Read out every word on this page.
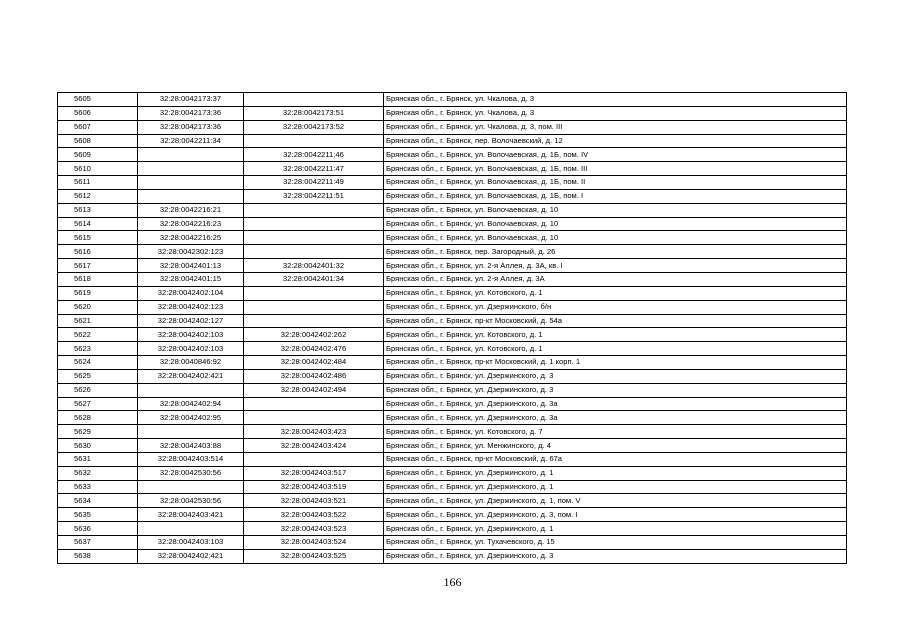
5605	32:28:0042173:37		Брянская обл., г. Брянск, ул. Чкалова, д. 3
5606	32:28:0042173:36	32:28:0042173:51	Брянская обл., г. Брянск, ул. Чкалова, д. 3
5607	32:28:0042173:36	32:28:0042173:52	Брянская обл., г. Брянск, ул. Чкалова, д. 3, пом. III
5608	32:28:0042211:34		Брянская обл., г. Брянск, пер. Волочаевский, д. 12
5609		32:28:0042211:46	Брянская обл., г. Брянск, ул. Волочаевская, д. 1Б, пом. IV
5610		32:28:0042211:47	Брянская обл., г. Брянск, ул. Волочаевская, д. 1Б, пом. III
5611		32:28:0042211:49	Брянская обл., г. Брянск, ул. Волочаевская, д. 1Б, пом. II
5612		32:28:0042211:51	Брянская обл., г. Брянск, ул. Волочаевская, д. 1Б, пом. I
5613	32:28:0042216:21		Брянская обл., г. Брянск, ул. Волочаевская, д. 10
5614	32:28:0042216:23		Брянская обл., г. Брянск, ул. Волочаевская, д. 10
5615	32:28:0042216:25		Брянская обл., г. Брянск, ул. Волочаевская, д. 10
5616	32:28:0042302:123		Брянская обл., г. Брянск, пер. Загородный, д. 26
5617	32:28:0042401:13	32:28:0042401:32	Брянская обл., г. Брянск, ул. 2-я Аллея, д. 3А, кв. I
5618	32:28:0042401:15	32:28:0042401:34	Брянская обл., г. Брянск, ул. 2-я Аллея, д. 3А
5619	32:28:0042402:104		Брянская обл., г. Брянск, ул. Котовского, д. 1
5620	32:28:0042402:123		Брянская обл., г. Брянск, ул. Дзержинского, б/н
5621	32:28:0042402:127		Брянская обл., г. Брянск, пр-кт Московский, д. 54а
5622	32:28:0042402:103	32:28:0042402:262	Брянская обл., г. Брянск, ул. Котовского, д. 1
5623	32:28:0042402:103	32:28:0042402:476	Брянская обл., г. Брянск, ул. Котовского, д. 1
5624	32:28:0040846:92	32:28:0042402:484	Брянская обл., г. Брянск, пр-кт Московский, д. 1 корп. 1
5625	32:28:0042402:421	32:28:0042402:486	Брянская обл., г. Брянск, ул. Дзержинского, д. 3
5626		32:28:0042402:494	Брянская обл., г. Брянск, ул. Дзержинского, д. 3
5627	32:28:0042402:94		Брянская обл., г. Брянск, ул. Дзержинского, д. 3а
5628	32:28:0042402:95		Брянская обл., г. Брянск, ул. Дзержинского, д. 3а
5629		32:28:0042403:423	Брянская обл., г. Брянск, ул. Котовского, д. 7
5630	32:28:0042403:88	32:28:0042403:424	Брянская обл., г. Брянск, ул. Менжинского, д. 4
5631	32:28:0042403:514		Брянская обл., г. Брянск, пр-кт Московский, д. 67а
5632	32:28:0042530:56	32:28:0042403:517	Брянская обл., г. Брянск, ул. Дзержинского, д. 1
5633		32:28:0042403:519	Брянская обл., г. Брянск, ул. Дзержинского, д. 1
5634	32:28:0042530:56	32:28:0042403:521	Брянская обл., г. Брянск, ул. Дзержинского, д. 1, пом. V
5635	32:28:0042403:421	32:28:0042403:522	Брянская обл., г. Брянск, ул. Дзержинского, д. 3, пом. I
5636		32:28:0042403:523	Брянская обл., г. Брянск, ул. Дзержинского, д. 1
5637	32:28:0042403:103	32:28:0042403:524	Брянская обл., г. Брянск, ул. Тухачевского, д. 15
5638	32:28:0042402:421	32:28:0042403:525	Брянская обл., г. Брянск, ул. Дзержинского, д. 3
166
